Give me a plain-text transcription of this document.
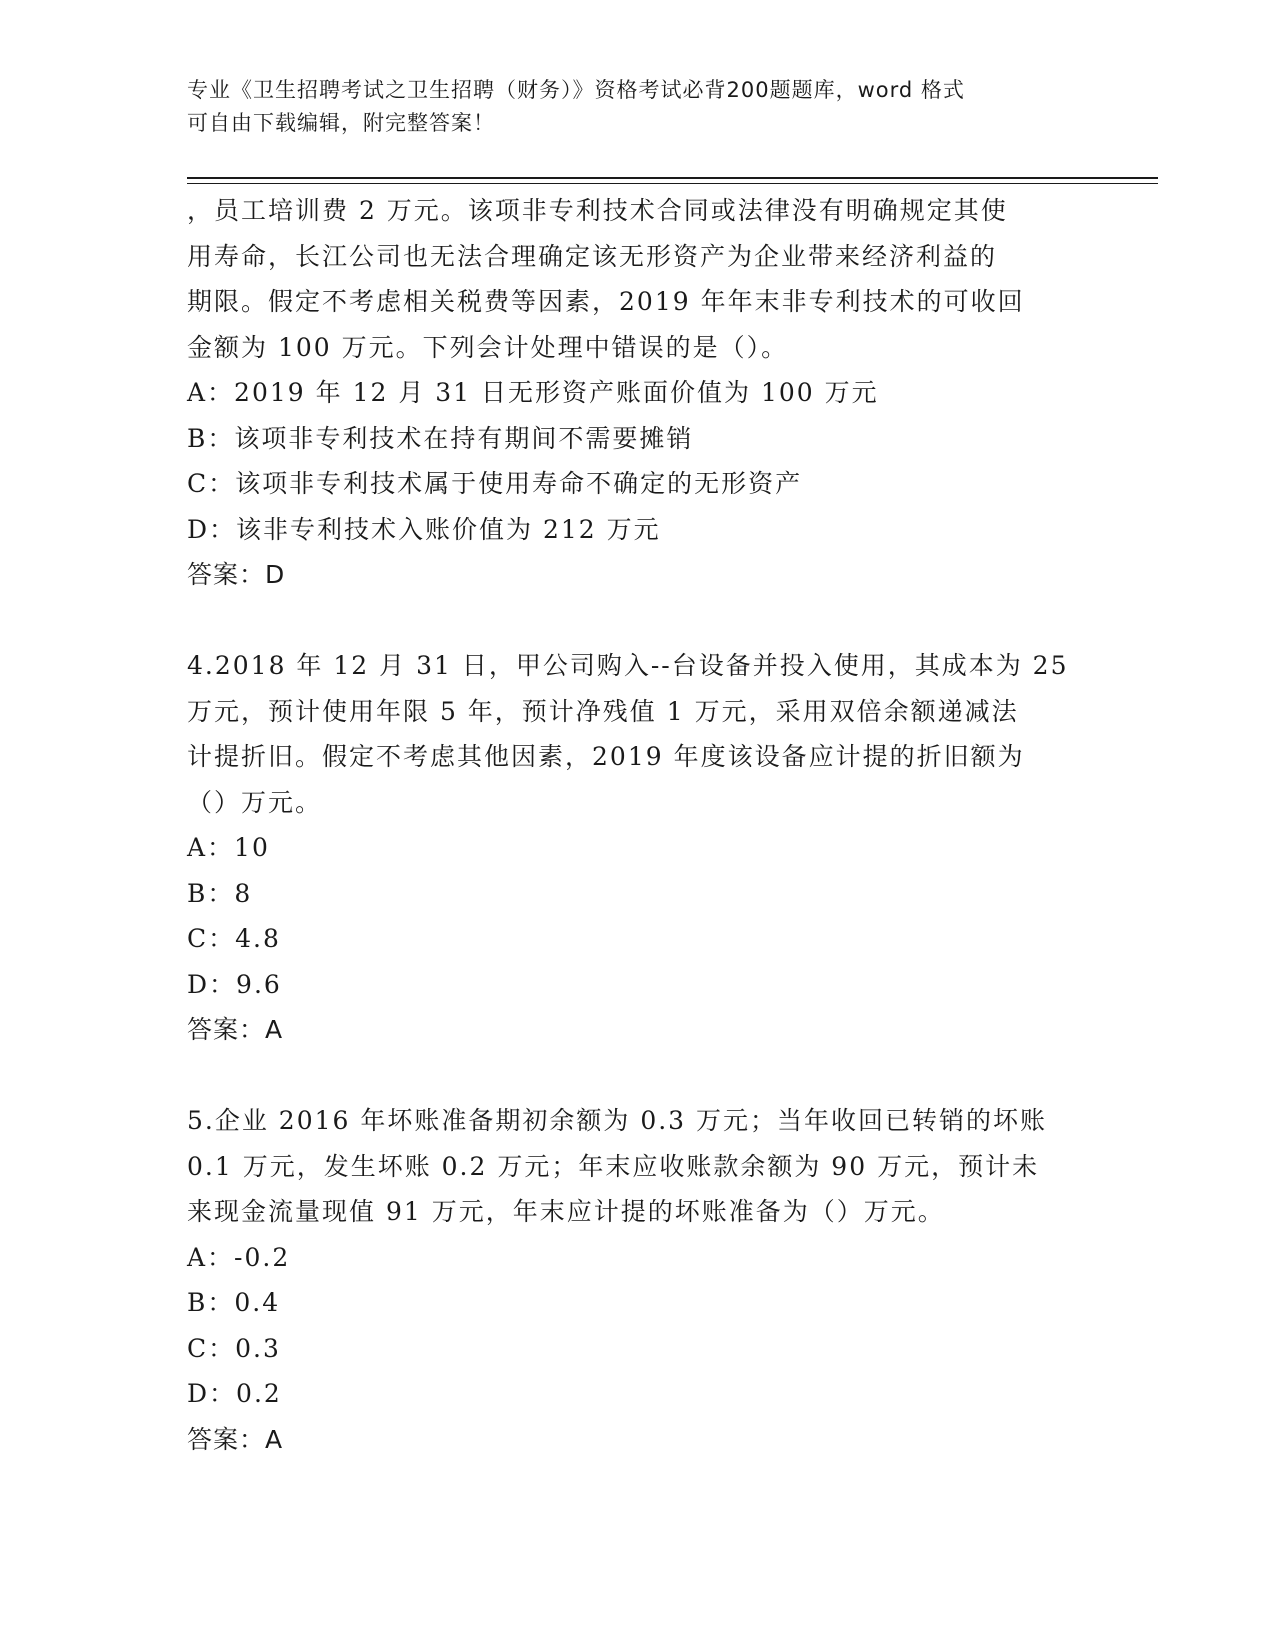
专业《卫生招聘考试之卫生招聘（财务）》资格考试必背200题题库，word 格式
可自由下载编辑，附完整答案！
，员工培训费 2 万元。该项非专利技术合同或法律没有明确规定其使
用寿命，长江公司也无法合理确定该无形资产为企业带来经济利益的
期限。假定不考虑相关税费等因素，2019 年年末非专利技术的可收回
金额为 100 万元。下列会计处理中错误的是（）。
A：2019 年 12 月 31 日无形资产账面价值为 100 万元
B：该项非专利技术在持有期间不需要摊销
C：该项非专利技术属于使用寿命不确定的无形资产
D：该非专利技术入账价值为 212 万元
答案：D
4.2018 年 12 月 31 日，甲公司购入--台设备并投入使用，其成本为 25
万元，预计使用年限 5 年，预计净残值 1 万元，采用双倍余额递减法
计提折旧。假定不考虑其他因素，2019 年度该设备应计提的折旧额为
（）万元。
A：10
B：8
C：4.8
D：9.6
答案：A
5.企业 2016 年坏账准备期初余额为 0.3 万元；当年收回已转销的坏账
0.1 万元，发生坏账 0.2 万元；年末应收账款余额为 90 万元，预计未
来现金流量现值 91 万元，年末应计提的坏账准备为（）万元。
A：-0.2
B：0.4
C：0.3
D：0.2
答案：A
